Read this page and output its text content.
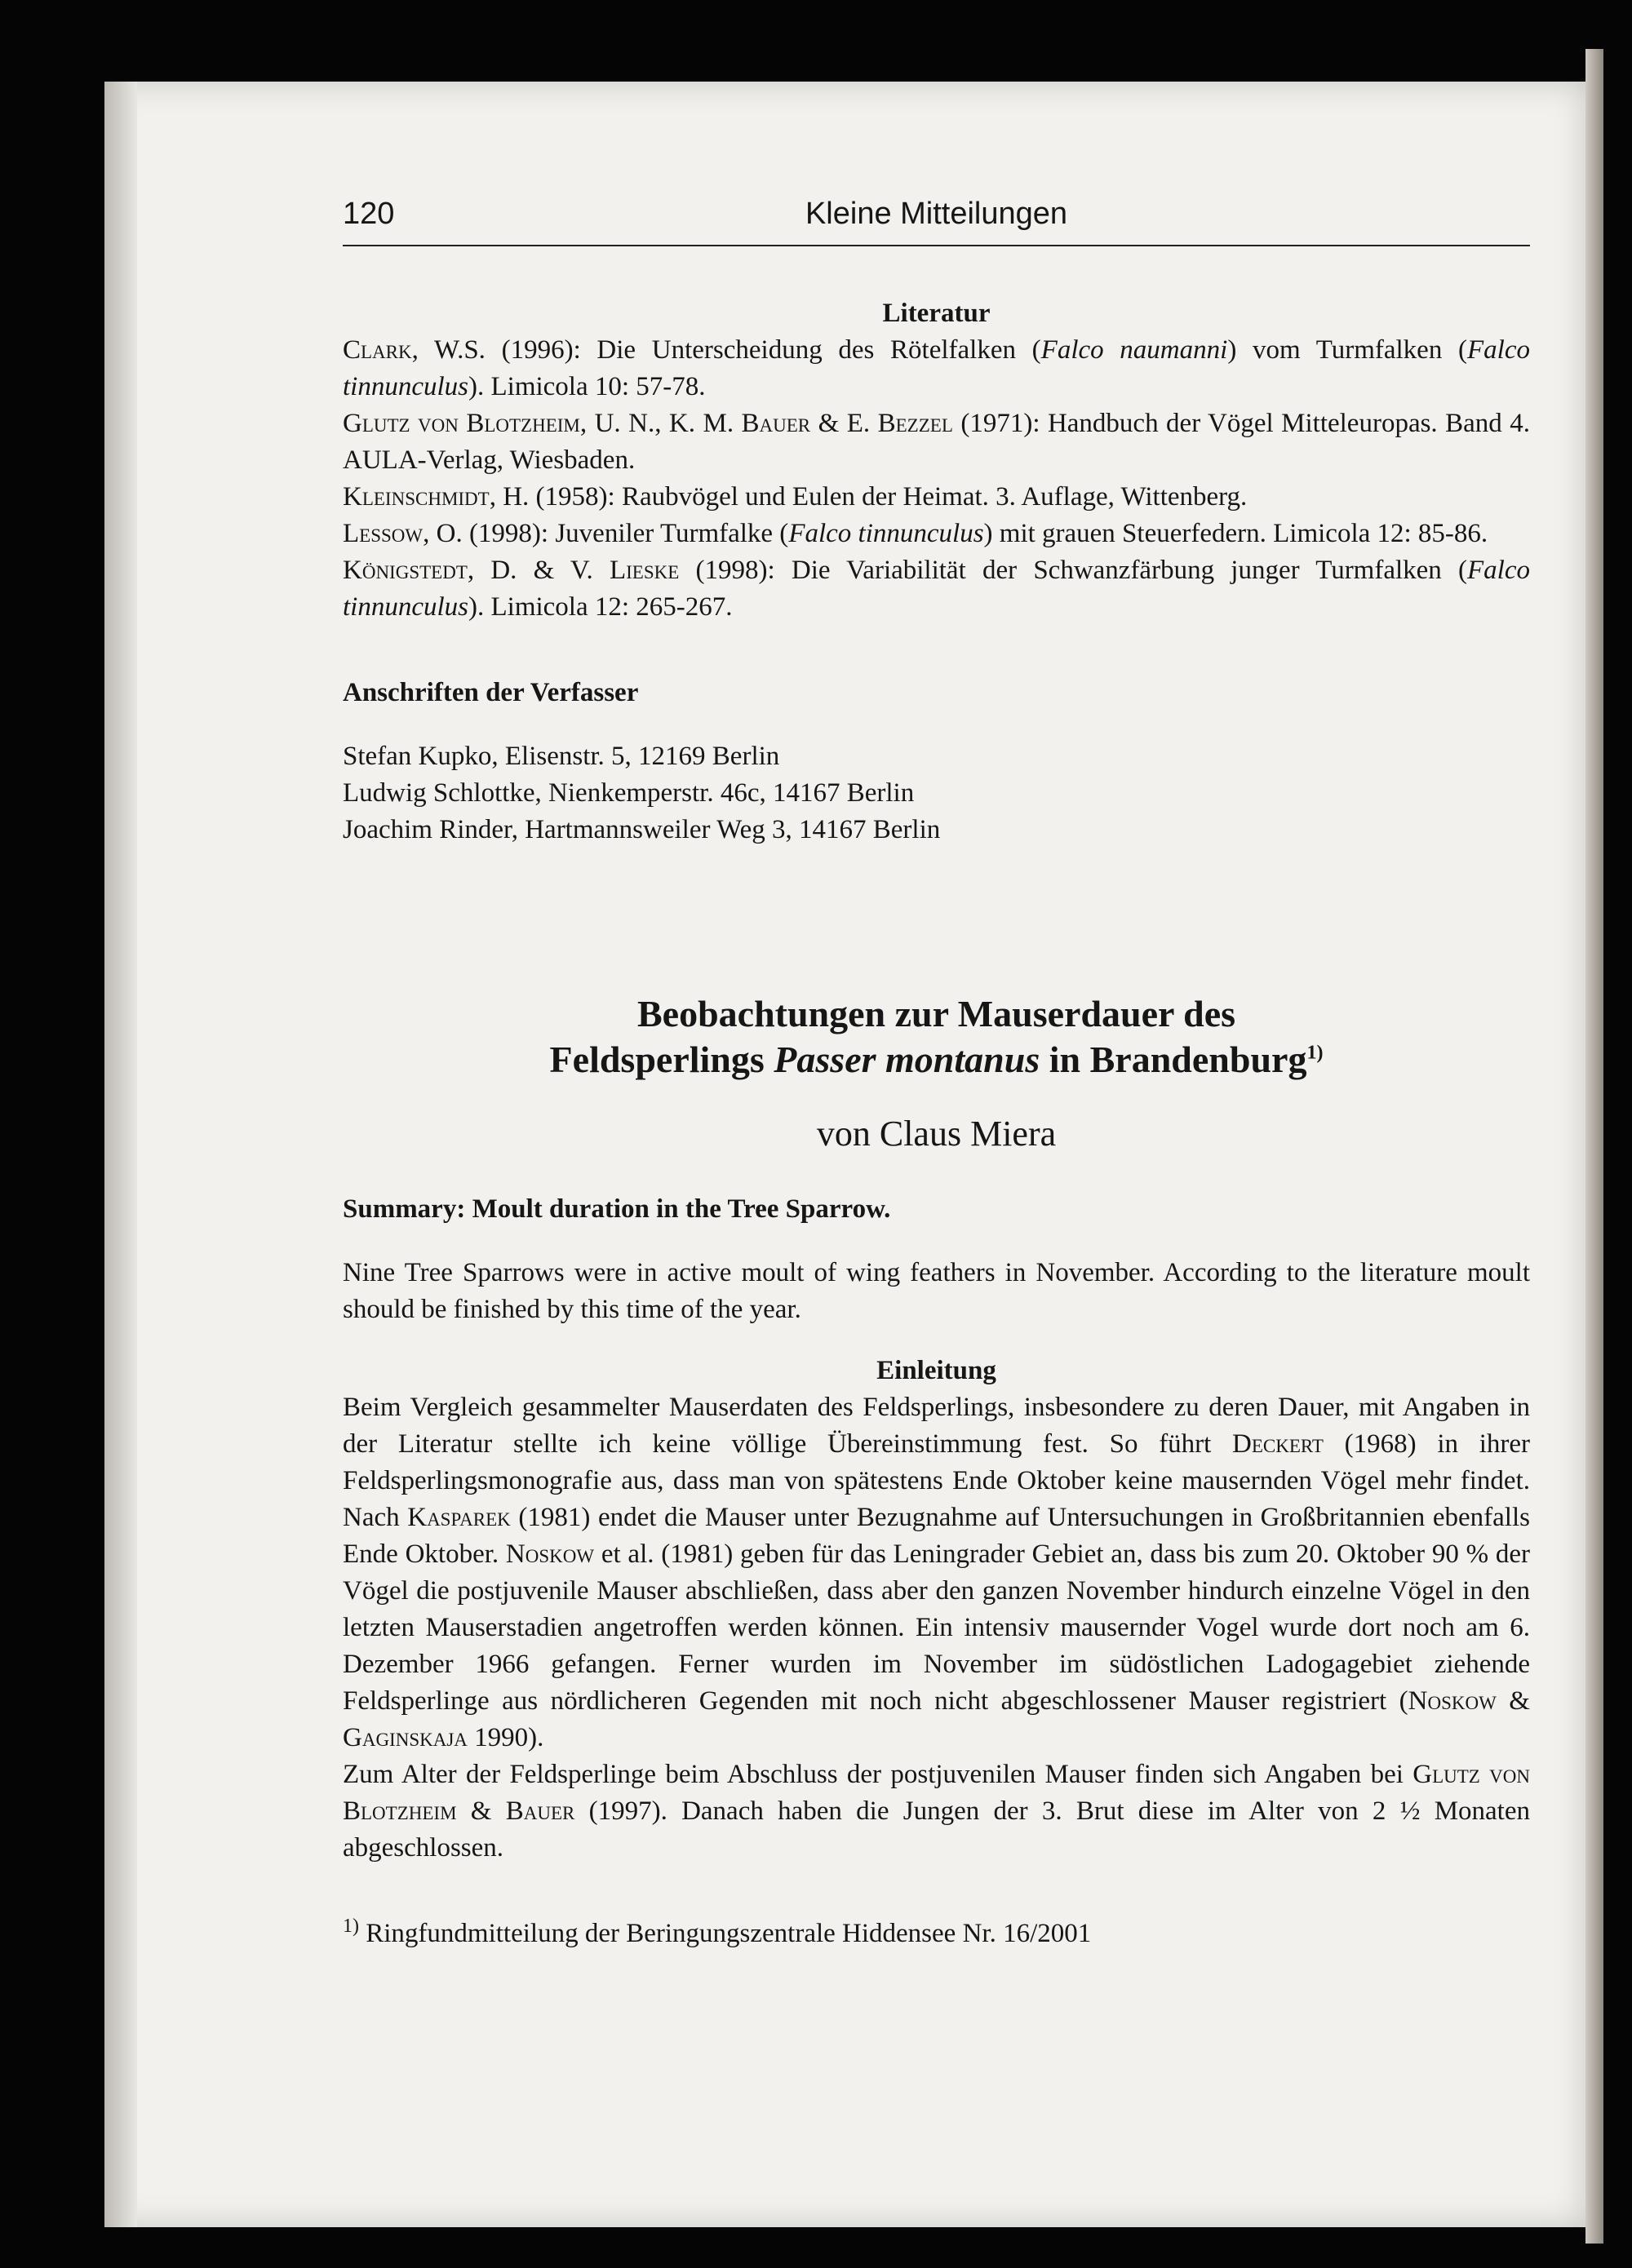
120	Kleine Mitteilungen

Literatur

Clark, W.S. (1996): Die Unterscheidung des Rötelfalken (Falco naumanni) vom Turmfalken (Falco tinnunculus). Limicola 10: 57-78.

Glutz von Blotzheim, U. N., K. M. Bauer & E. Bezzel (1971): Handbuch der Vögel Mitteleuropas. Band 4. AULA-Verlag, Wiesbaden.

Kleinschmidt, H. (1958): Raubvögel und Eulen der Heimat. 3. Auflage, Wittenberg.

Lessow, O. (1998): Juveniler Turmfalke (Falco tinnunculus) mit grauen Steuerfedern. Limicola 12: 85-86.

Königstedt, D. & V. Lieske (1998): Die Variabilität der Schwanzfärbung junger Turmfalken (Falco tinnunculus). Limicola 12: 265-267.

Anschriften der Verfasser

Stefan Kupko, Elisenstr. 5, 12169 Berlin

Ludwig Schlottke, Nienkemperstr. 46c, 14167 Berlin

Joachim Rinder, Hartmannsweiler Weg 3, 14167 Berlin

Beobachtungen zur Mauserdauer des
Feldsperlings Passer montanus in Brandenburg$^{1)}$
von Claus Miera

Summary: Moult duration in the Tree Sparrow.

Nine Tree Sparrows were in active moult of wing feathers in November. According to the literature moult should be finished by this time of the year.

Einleitung

Beim Vergleich gesammelter Mauserdaten des Feldsperlings, insbesondere zu deren Dauer, mit Angaben in der Literatur stellte ich keine völlige Übereinstimmung fest. So führt Deckert (1968) in ihrer Feldsperlingsmonografie aus, dass man von spätestens Ende Oktober keine mausernden Vögel mehr findet. Nach Kasparek (1981) endet die Mauser unter Bezugnahme auf Untersuchungen in Großbritannien ebenfalls Ende Oktober. Noskow et al. (1981) geben für das Leningrader Gebiet an, dass bis zum 20. Oktober 90 % der Vögel die postjuvenile Mauser abschließen, dass aber den ganzen November hindurch einzelne Vögel in den letzten Mauserstadien angetroffen werden können. Ein intensiv mausernder Vogel wurde dort noch am 6. Dezember 1966 gefangen. Ferner wurden im November im südöstlichen Ladogagebiet ziehende Feldsperlinge aus nördlicheren Gegenden mit noch nicht abgeschlossener Mauser registriert (Noskow & Gaginskaja 1990).

Zum Alter der Feldsperlinge beim Abschluss der postjuvenilen Mauser finden sich Angaben bei Glutz von Blotzheim & Bauer (1997). Danach haben die Jungen der 3. Brut diese im Alter von 2 ½ Monaten abgeschlossen.

$^{1)}$ Ringfundmitteilung der Beringungszentrale Hiddensee Nr. 16/2001
